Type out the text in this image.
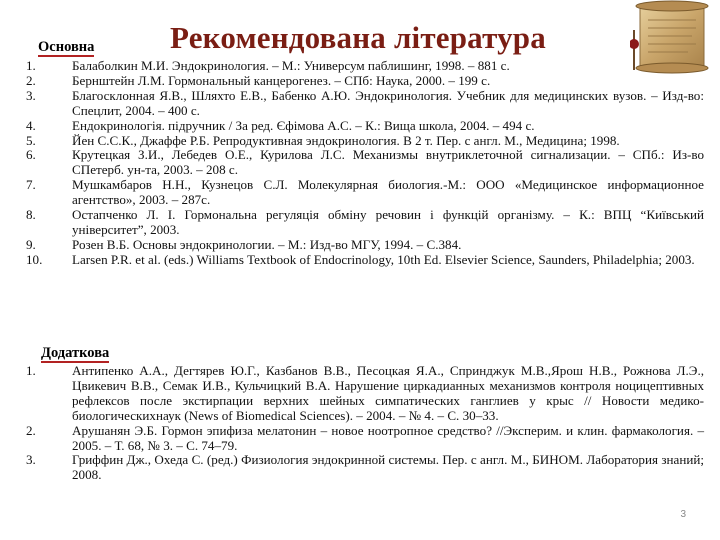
Рекомендована література
Основна
1.	Балаболкин М.И. Эндокринология. – М.: Универсум паблишинг, 1998. – 881 с.
2.	Бернштейн Л.М. Гормональный канцерогенез. – СПб: Наука, 2000. – 199 с.
3.	Благосклонная Я.В., Шляхто Е.В., Бабенко А.Ю. Эндокринология. Учебник для медицинских вузов. – Изд-во: Спецлит, 2004. – 400 с.
4.	Ендокринологія. підручник / За ред. Єфімова А.С. – К.: Вища школа, 2004. – 494 с.
5.	Йен С.С.К., Джаффе Р.Б. Репродуктивная эндокринология. В 2 т. Пер. с англ. М., Медицина; 1998.
6.	Крутецкая З.И., Лебедев О.Е., Курилова Л.С. Механизмы внутриклеточной сигнализации. – СПб.: Из-во СПетерб. ун-та, 2003. – 208 с.
7.	Мушкамбаров Н.Н., Кузнецов С.Л. Молекулярная биология.-М.: ООО «Медицинское информационное агентство», 2003. – 287с.
8.	Остапченко Л. І. Гормональна регуляція обміну речовин і функцій організму. – К.: ВПЦ “Київський університет”, 2003.
9.	Розен В.Б. Основы эндокринологии. – М.: Изд-во МГУ, 1994. – С.384.
10.	Larsen P.R. et al. (eds.) Williams Textbook of Endocrinology, 10th Ed. Elsevier Science, Saunders, Philadelphia; 2003.
Додаткова
1.	Антипенко А.А., Дегтярев Ю.Г., Казбанов В.В., Песоцкая Я.А., Спринджук М.В.,Ярош Н.В., Рожнова Л.Э., Цвикевич В.В., Семак И.В., Кульчицкий В.А. Нарушение циркадианных механизмов контроля ноцицептивных рефлексов после экстирпации верхних шейных симпатических ганглиев у крыс // Новости медико-биологическихнаук (News of Biomedical Sciences). – 2004. – № 4. – С. 30–33.
2.	Арушанян Э.Б. Гормон эпифиза мелатонин – новое ноотропное средство? //Эксперим. и клин. фармакология. – 2005. – Т. 68, № 3. – С. 74–79.
3.	Гриффин Дж., Охеда С. (ред.) Физиология эндокринной системы. Пер. с англ. М., БИНОМ. Лаборатория знаний; 2008.
3
